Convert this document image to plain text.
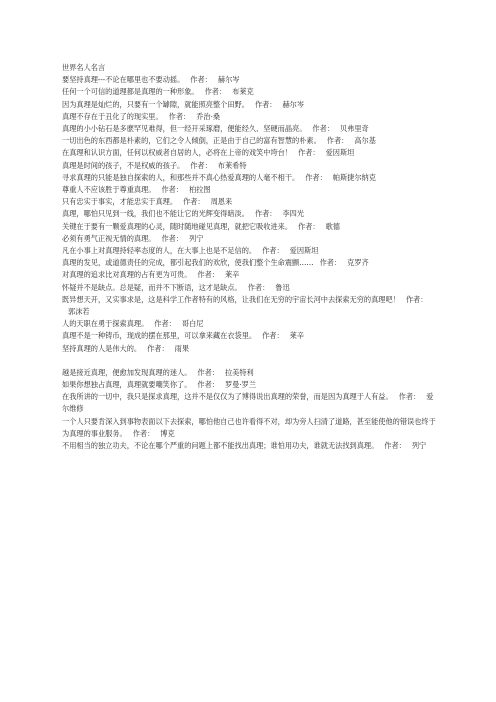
世界名人名言

要坚持真理---不论在哪里也不要动摇。 作者： 赫尔岑
任何一个可信的道理都是真理的一种形象。 作者： 布莱克
因为真理是灿烂的，只要有一个罅隙，就能照亮整个田野。 作者： 赫尔岑
真理不存在于丑化了的现实里。 作者： 乔治·桑
真理的小小钻石是多麽罕见难得，但一经开采琢磨，便能经久、坚硬而晶亮。 作者： 贝弗里奇
一切出色的东西都是朴素的，它们之令人倾倒，正是由于自己的富有智慧的朴素。 作者： 高尔基
在真理和认识方面，任何以权威者自居的人，必将在上帝的戏笑中垮台！ 作者： 爱因斯坦
真理是时间的孩子，不是权威的孩子。 作者： 布莱希特
寻求真理的只能是独自探索的人，和那些并不真心热爱真理的人毫不相干。 作者： 帕斯捷尔纳克
尊重人不应该胜于尊重真理。 作者： 柏拉图
只有忠实于事实，才能忠实于真理。 作者： 周恩来
真理，哪怕只见到一线，我们也不能让它的光辉变得暗淡。 作者： 李四光
关键在于要有一颗爱真理的心灵，随时随地碰见真理，就把它吸收进来。 作者： 歌德
必须有勇气正视无情的真理。 作者： 列宁
凡在小事上对真理持轻率态度的人，在大事上也是不足信的。 作者： 爱因斯坦
真理的发见，或道德责任的完成，都引起我们的欢欣，使我们整个生命震颤…… 作者： 克罗齐
对真理的追求比对真理的占有更为可贵。 作者： 莱辛
怀疑并不是缺点。总是疑，而并不下断语，这才是缺点。 作者： 鲁迅
既异想天开，又实事求是，这是科学工作者特有的风格，让我们在无穷的宇宙长河中去探索无穷的真理吧！ 作者：郭沫若
人的天职在勇于探索真理。 作者： 哥白尼
真理不是一种铸币，现成的摆在那里，可以拿来藏在衣袋里。 作者： 莱辛
坚持真理的人是伟大的。 作者： 雨果
越是接近真理，便愈加发现真理的迷人。 作者： 拉美特利
如果你想独占真理，真理就要嘲笑你了。 作者： 罗曼·罗兰
在我所讲的一切中，我只是探求真理，这并不是仅仅为了博得说出真理的荣誉，而是因为真理于人有益。 作者： 爱尔维修
一个人只要肯深入到事物表面以下去探索，哪怕他自己也许看得不对，却为旁人扫清了道路，甚至能使他的错误也终于为真理的事业服务。 作者： 博克
不用相当的独立功夫，不论在哪个严重的问题上都不能找出真理；谁怕用功夫，谁就无法找到真理。 作者： 列宁
